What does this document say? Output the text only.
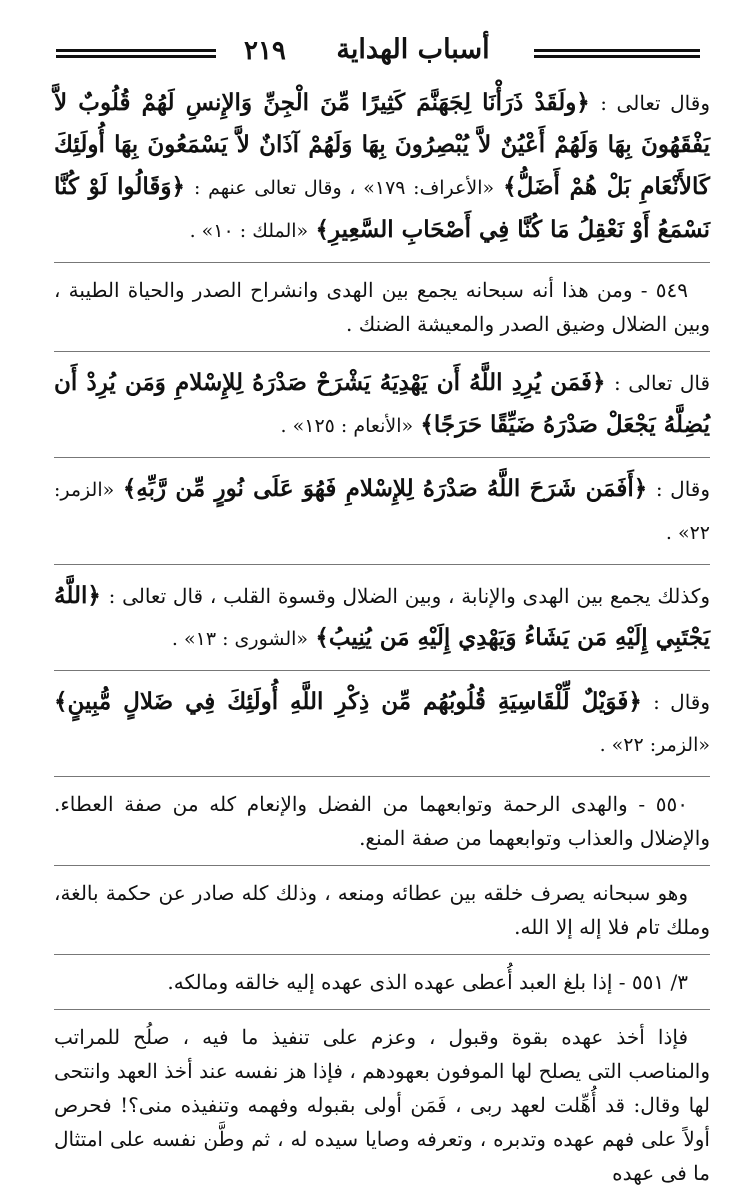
٢١٩	أسباب الهداية

وقال تعالى : ﴿ولَقَدْ ذَرَأْنَا لِجَهَنَّمَ كَثِيرًا مِّنَ الْجِنِّ وَالإِنسِ لَهُمْ قُلُوبٌ لاَّ يَفْقَهُونَ بِهَا وَلَهُمْ أَعْيُنٌ لاَّ يُبْصِرُونَ بِهَا وَلَهُمْ آذَانٌ لاَّ يَسْمَعُونَ بِهَا أُولَئِكَ كَالأَنْعَامِ بَلْ هُمْ أَضَلُّ﴾ «الأعراف: ١٧٩» ، وقال تعالى عنهم : ﴿وَقَالُوا لَوْ كُنَّا نَسْمَعُ أَوْ نَعْقِلُ مَا كُنَّا فِي أَصْحَابِ السَّعِيرِ﴾ «الملك : ١٠» .

٥٤٩ - ومن هذا أنه سبحانه يجمع بين الهدى وانشراح الصدر والحياة الطيبة ، وبين الضلال وضيق الصدر والمعيشة الضنك .

قال تعالى : ﴿فَمَن يُرِدِ اللَّهُ أَن يَهْدِيَهُ يَشْرَحْ صَدْرَهُ لِلإِسْلامِ وَمَن يُرِدْ أَن يُضِلَّهُ يَجْعَلْ صَدْرَهُ ضَيِّقًا حَرَجًا﴾ «الأنعام : ١٢٥» .

وقال : ﴿أَفَمَن شَرَحَ اللَّهُ صَدْرَهُ لِلإِسْلامِ فَهُوَ عَلَى نُورٍ مِّن رَّبِّهِ﴾ «الزمر: ٢٢» .

وكذلك يجمع بين الهدى والإنابة ، وبين الضلال وقسوة القلب ، قال تعالى : ﴿اللَّهُ يَجْتَبِي إِلَيْهِ مَن يَشَاءُ وَيَهْدِي إِلَيْهِ مَن يُنِيبُ﴾ «الشورى : ١٣» .

وقال : ﴿فَوَيْلٌ لِّلْقَاسِيَةِ قُلُوبُهُم مِّن ذِكْرِ اللَّهِ أُولَئِكَ فِي ضَلالٍ مُّبِينٍ﴾ «الزمر: ٢٢» .

٥٥٠ - والهدى الرحمة وتوابعهما من الفضل والإنعام كله من صفة العطاء. والإضلال والعذاب وتوابعهما من صفة المنع.

وهو سبحانه يصرف خلقه بين عطائه ومنعه ، وذلك كله صادر عن حكمة بالغة، وملك تام فلا إله إلا الله.

٣/ ٥٥١ - إذا بلغ العبد أُعطى عهده الذى عهده إليه خالقه ومالكه.

فإذا أخذ عهده بقوة وقبول ، وعزم على تنفيذ ما فيه ، صلُح للمراتب والمناصب التى يصلح لها الموفون بعهودهم ، فإذا هز نفسه عند أخذ العهد وانتحى لها وقال: قد أُهِّلت لعهد ربى ، فَمَن أولى بقبوله وفهمه وتنفيذه منى؟! فحرص أولاً على فهم عهده وتدبره ، وتعرفه وصايا سيده له ، ثم وطَّن نفسه على امتثال ما فى عهده
